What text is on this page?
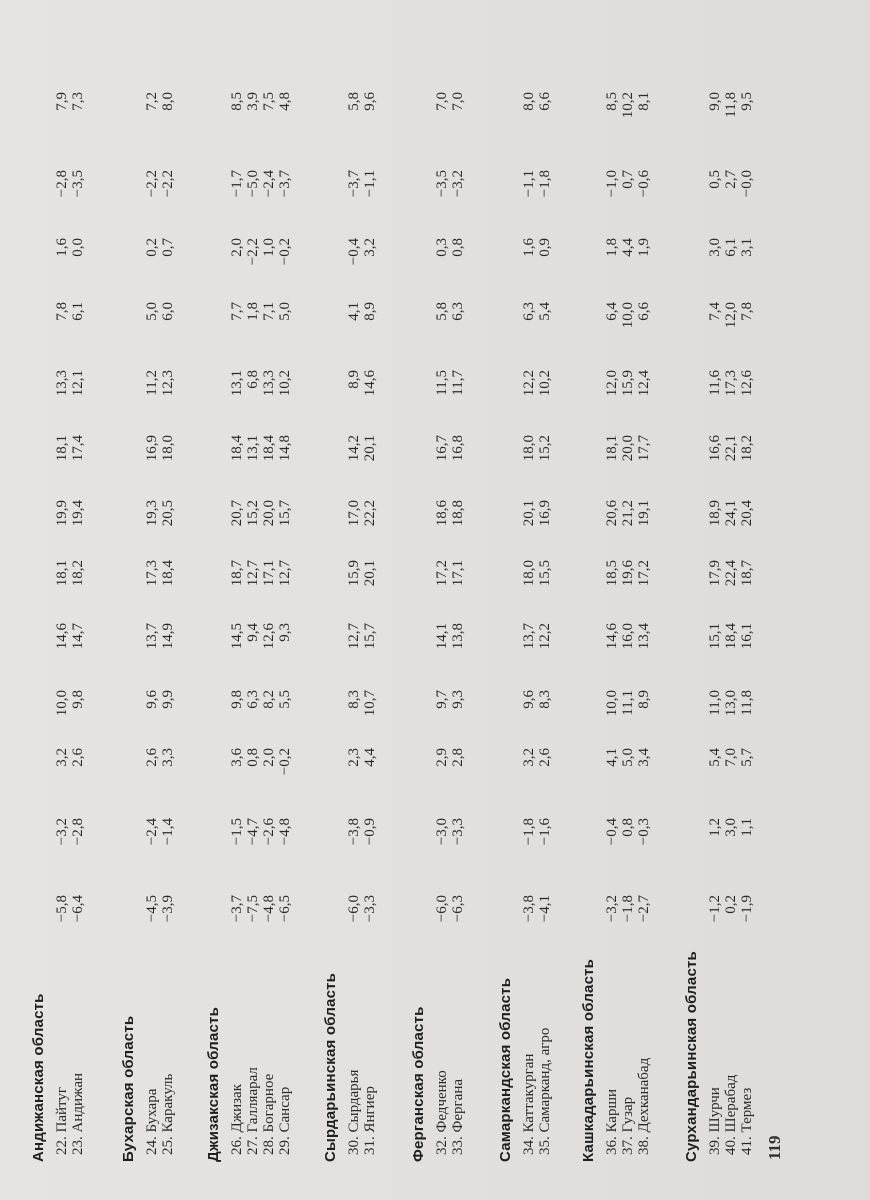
Андижанская область 22. Пайтуг
−5,8
−3,2
3,2
10,0
14,6
18,1
19,9
18,1
13,3
7,8
1,6
−2,8
7,9
23. Андижан
−6,4
−2,8
2,6
9,8
14,7
18,2
19,4
17,4
12,1
6,1
0,0
−3,5
7,3
Бухарская область 24. Бухара
−4,5
−2,4
2,6
9,6
13,7
17,3
19,3
16,9
11,2
5,0
0,2
−2,2
7,2
25. Каракуль
−3,9
−1,4
3,3
9,9
14,9
18,4
20,5
18,0
12,3
6,0
0,7
−2,2
8,0
Джизакская область 26. Джизак
−3,7
−1,5
3,6
9,8
14,5
18,7
20,7
18,4
13,1
7,7
2,0
−1,7
8,5
27. Галляарал
−7,5
−4,7
0,8
6,3
9,4
12,7
15,2
13,1
6,8
1,8
−2,2
−5,0
3,9
28. Богарное
−4,8
−2,6
2,0
8,2
12,6
17,1
20,0
18,4
13,3
7,1
1,0
−2,4
7,5
29. Сансар
−6,5
−4,8
−0,2
5,5
9,3
12,7
15,7
14,8
10,2
5,0
−0,2
−3,7
4,8
Сырдарьинская область 30. Сырдарья
−6,0
−3,8
2,3
8,3
12,7
15,9
17,0
14,2
8,9
4,1
−0,4
−3,7
5,8
31. Янгиер
−3,3
−0,9
4,4
10,7
15,7
20,1
22,2
20,1
14,6
8,9
3,2
−1,1
9,6
Ферганская область 32. Федченко
−6,0
−3,0
2,9
9,7
14,1
17,2
18,6
16,7
11,5
5,8
0,3
−3,5
7,0
33. Фергана
−6,3
−3,3
2,8
9,3
13,8
17,1
18,8
16,8
11,7
6,3
0,8
−3,2
7,0
Самаркандская область 34. Каттакурган
−3,8
−1,8
3,2
9,6
13,7
18,0
20,1
18,0
12,2
6,3
1,6
−1,1
8,0
35. Самарканд, агро
−4,1
−1,6
2,6
8,3
12,2
15,5
16,9
15,2
10,2
5,4
0,9
−1,8
6,6
Кашкадарьинская область 36. Карши
−3,2
−0,4
4,1
10,0
14,6
18,5
20,6
18,1
12,0
6,4
1,8
−1,0
8,5
37. Гузар
−1,8
0,8
5,0
11,1
16,0
19,6
21,2
20,0
15,9
10,0
4,4
0,7
10,2
38. Дехканабад
−2,7
−0,3
3,4
8,9
13,4
17,2
19,1
17,7
12,4
6,6
1,9
−0,6
8,1
Сурхандарьинская область 39. Шурчи
−1,2
1,2
5,4
11,0
15,1
17,9
18,9
16,6
11,6
7,4
3,0
0,5
9,0
40. Шерабад
0,2
3,0
7,0
13,0
18,4
22,4
24,1
22,1
17,3
12,0
6,1
2,7
11,8
41. Термез
−1,9
1,1
5,7
11,8
16,1
18,7
20,4
18,2
12,6
7,8
3,1
−0,0
9,5
119
